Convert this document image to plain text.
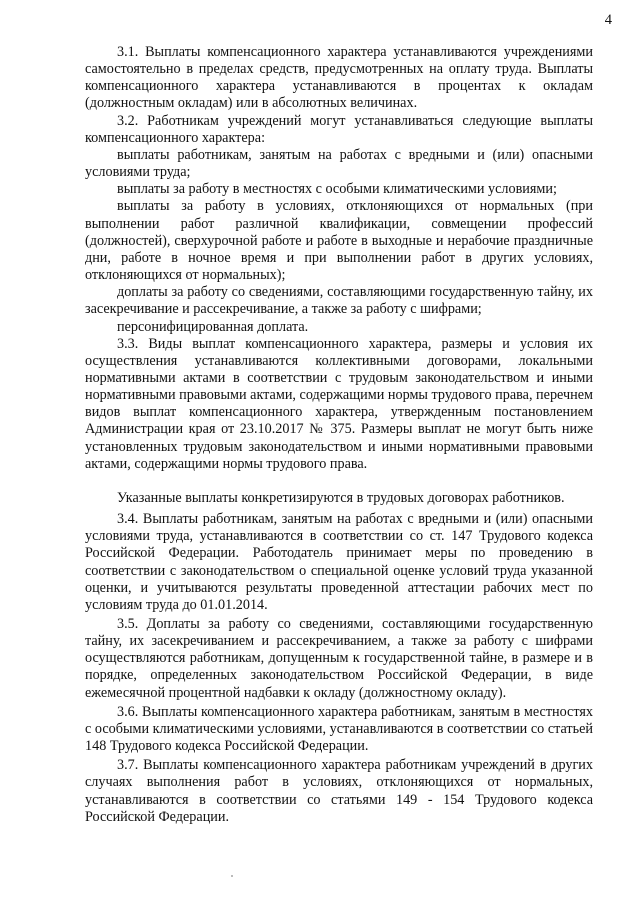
4

3.1. Выплаты компенсационного характера устанавливаются учреждениями самостоятельно в пределах средств, предусмотренных на оплату труда. Выплаты компенсационного характера устанавливаются в процентах к окладам (должностным окладам) или в абсолютных величинах.

3.2. Работникам учреждений могут устанавливаться следующие выплаты компенсационного характера:

выплаты работникам, занятым на работах с вредными и (или) опасными условиями труда;

выплаты за работу в местностях с особыми климатическими условиями;

выплаты за работу в условиях, отклоняющихся от нормальных (при выполнении работ различной квалификации, совмещении профессий (должностей), сверхурочной работе и работе в выходные и нерабочие праздничные дни, работе в ночное время и при выполнении работ в других условиях, отклоняющихся от нормальных);

доплаты за работу со сведениями, составляющими государственную тайну, их засекречивание и рассекречивание, а также за работу с шифрами;

персонифицированная доплата.

3.3. Виды выплат компенсационного характера, размеры и условия их осуществления устанавливаются коллективными договорами, локальными нормативными актами в соответствии с трудовым законодательством и иными нормативными правовыми актами, содержащими нормы трудового права, перечнем видов выплат компенсационного характера, утвержденным постановлением Администрации края от 23.10.2017 № 375. Размеры выплат не могут быть ниже установленных трудовым законодательством и иными нормативными правовыми актами, содержащими нормы трудового права.

Указанные выплаты конкретизируются в трудовых договорах работников.

3.4. Выплаты работникам, занятым на работах с вредными и (или) опасными условиями труда, устанавливаются в соответствии со ст. 147 Трудового кодекса Российской Федерации. Работодатель принимает меры по проведению в соответствии с законодательством о специальной оценке условий труда указанной оценки, и учитываются результаты проведенной аттестации рабочих мест по условиям труда до 01.01.2014.

3.5. Доплаты за работу со сведениями, составляющими государственную тайну, их засекречиванием и рассекречиванием, а также за работу с шифрами осуществляются работникам, допущенным к государственной тайне, в размере и в порядке, определенных законодательством Российской Федерации, в виде ежемесячной процентной надбавки к окладу (должностному окладу).

3.6. Выплаты компенсационного характера работникам, занятым в местностях с особыми климатическими условиями, устанавливаются в соответствии со статьей 148 Трудового кодекса Российской Федерации.

3.7. Выплаты компенсационного характера работникам учреждений в других случаях выполнения работ в условиях, отклоняющихся от нормальных, устанавливаются в соответствии со статьями 149 - 154 Трудового кодекса Российской Федерации.
